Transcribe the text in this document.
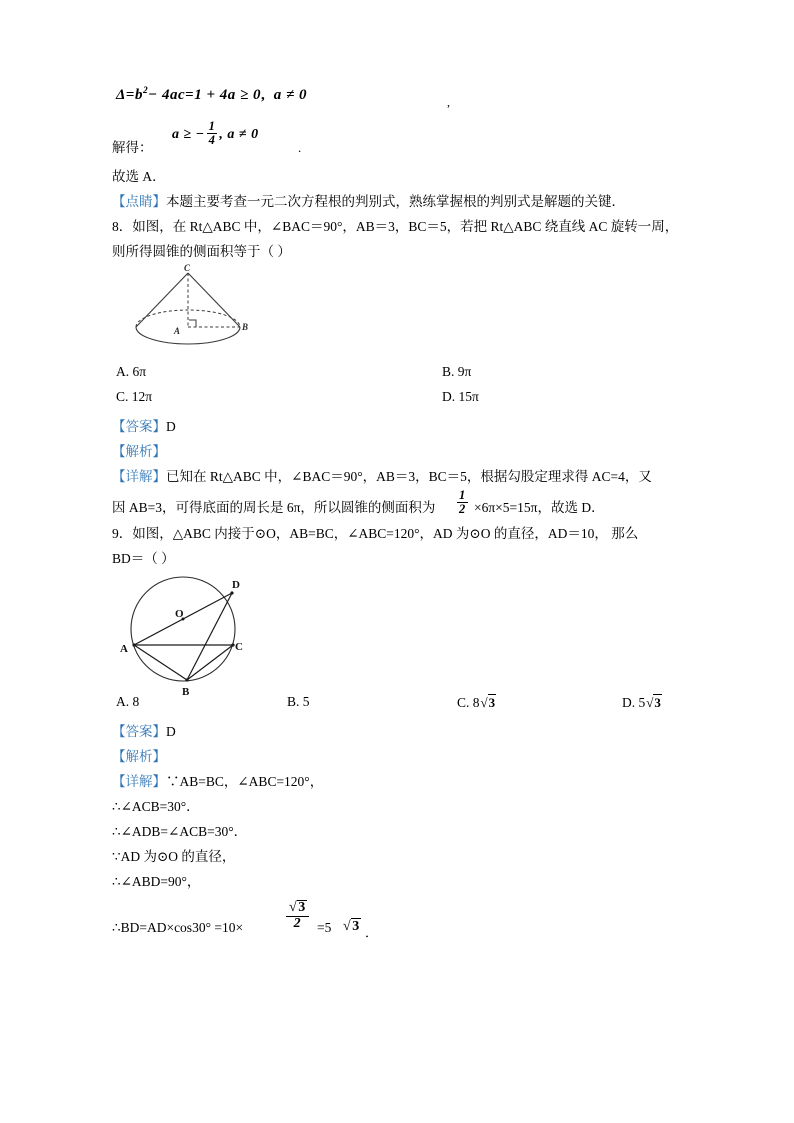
$\Delta=b^2- 4ac=1 + 4a \ge 0$, a ≠ 0	,
解得：
a ≥ − $\frac{1}{4}$ , a ≠ 0
.
故选 A．
【点睛】本题主要考查一元二次方程根的判别式，熟练掌握根的判别式是解题的关键．
8．如图，在 Rt△ABC 中，∠BAC＝90°，AB＝3，BC＝5，若把 Rt△ABC 绕直线 AC 旋转一周，
则所得圆锥的侧面积等于（ ）
C
A	B
A. 6π	B. 9π
C. 12π	D. 15π
【答案】D
【解析】
【详解】已知在 Rt△ABC 中，∠BAC＝90°，AB＝3，BC＝5，根据勾股定理求得 AC=4，又
因 AB=3，可得底面的周长是 6π，所以圆锥的侧面积为 $\frac{1}{2} \times 6\pi\times 5=15\pi$，故选 D．
9．如图，△ABC 内接于⊙O，AB=BC，∠ABC=120°，AD 为⊙O 的直径，AD＝10， 那么
BD＝（ ）
A	C
B
D
O
A. 8	B. 5	C. 8√3	D. 5√3
【答案】D
【解析】
【详解】∵AB=BC，∠ABC=120°，
∴∠ACB=30°．
∴∠ADB=∠ACB=30°．
∵AD 为⊙O 的直径，
∴∠ABD=90°，
∴BD=AD×cos30° =10×	$\frac{√3}{2} =5$ √3 ．
